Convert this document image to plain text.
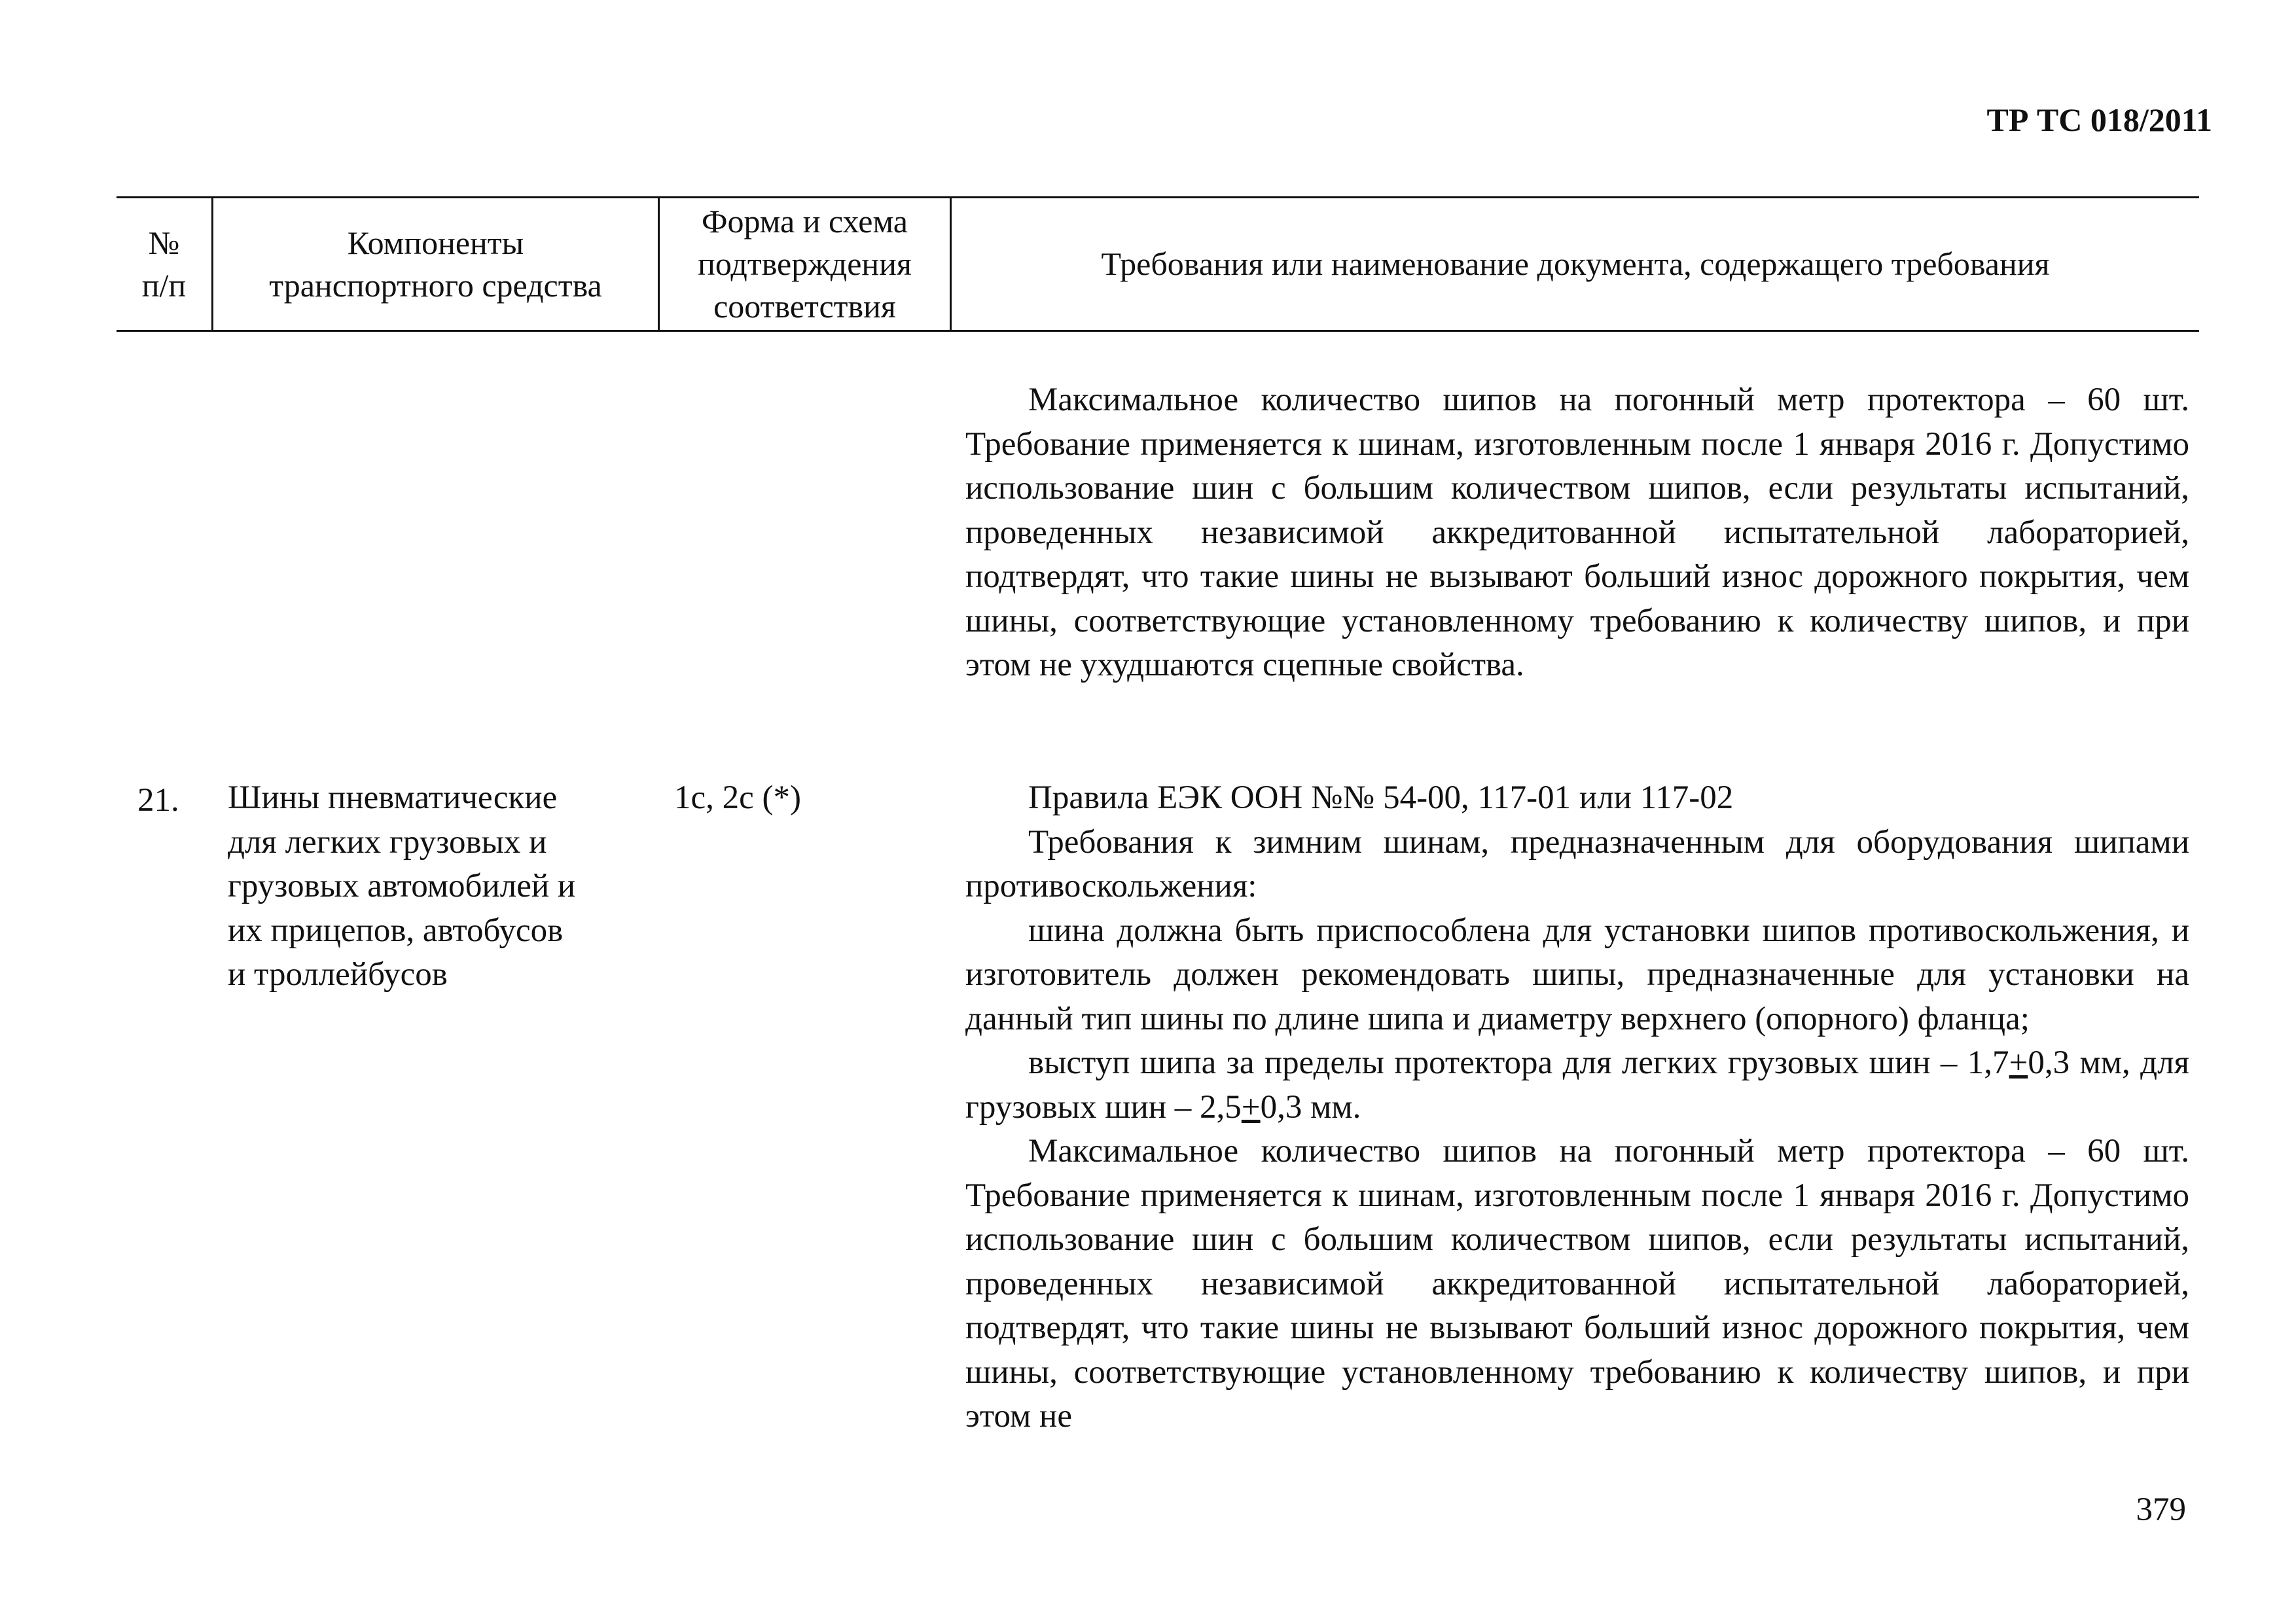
ТР ТС 018/2011
№
п/п
Компоненты
транспортного средства
Форма и схема
подтверждения
соответствия
Требования или наименование документа, содержащего требования

Максимальное количество шипов на погонный метр протектора – 60 шт. Требование применяется к шинам, изготовленным после 1 января 2016 г. Допустимо использование шин с большим количеством шипов, если результаты испытаний, проведенных независимой аккредитованной испытательной лабораторией, подтвердят, что такие шины не вызывают больший износ дорожного покрытия, чем шины, соответствующие установленному требованию к количеству шипов, и при этом не ухудшаются сцепные свойства.

21. Шины пневматические
для легких грузовых и
грузовых автомобилей и
их прицепов, автобусов
и троллейбусов
1с, 2с (*)	Правила ЕЭК ООН №№ 54-00, 117-01 или 117-02

Требования к зимним шинам, предназначенным для оборудования шипами противоскольжения:

шина должна быть приспособлена для установки шипов противоскольжения, и изготовитель должен рекомендовать шипы, предназначенные для установки на данный тип шины по длине шипа и диаметру верхнего (опорного) фланца;

выступ шипа за пределы протектора для легких грузовых шин – 1,7+0,3 мм, для грузовых шин – 2,5+0,3 мм.

Максимальное количество шипов на погонный метр протектора – 60 шт. Требование применяется к шинам, изготовленным после 1 января 2016 г. Допустимо использование шин с большим количеством шипов, если результаты испытаний, проведенных независимой аккредитованной испытательной лабораторией, подтвердят, что такие шины не вызывают больший износ дорожного покрытия, чем шины, соответствующие установленному требованию к количеству шипов, и при этом не

379
